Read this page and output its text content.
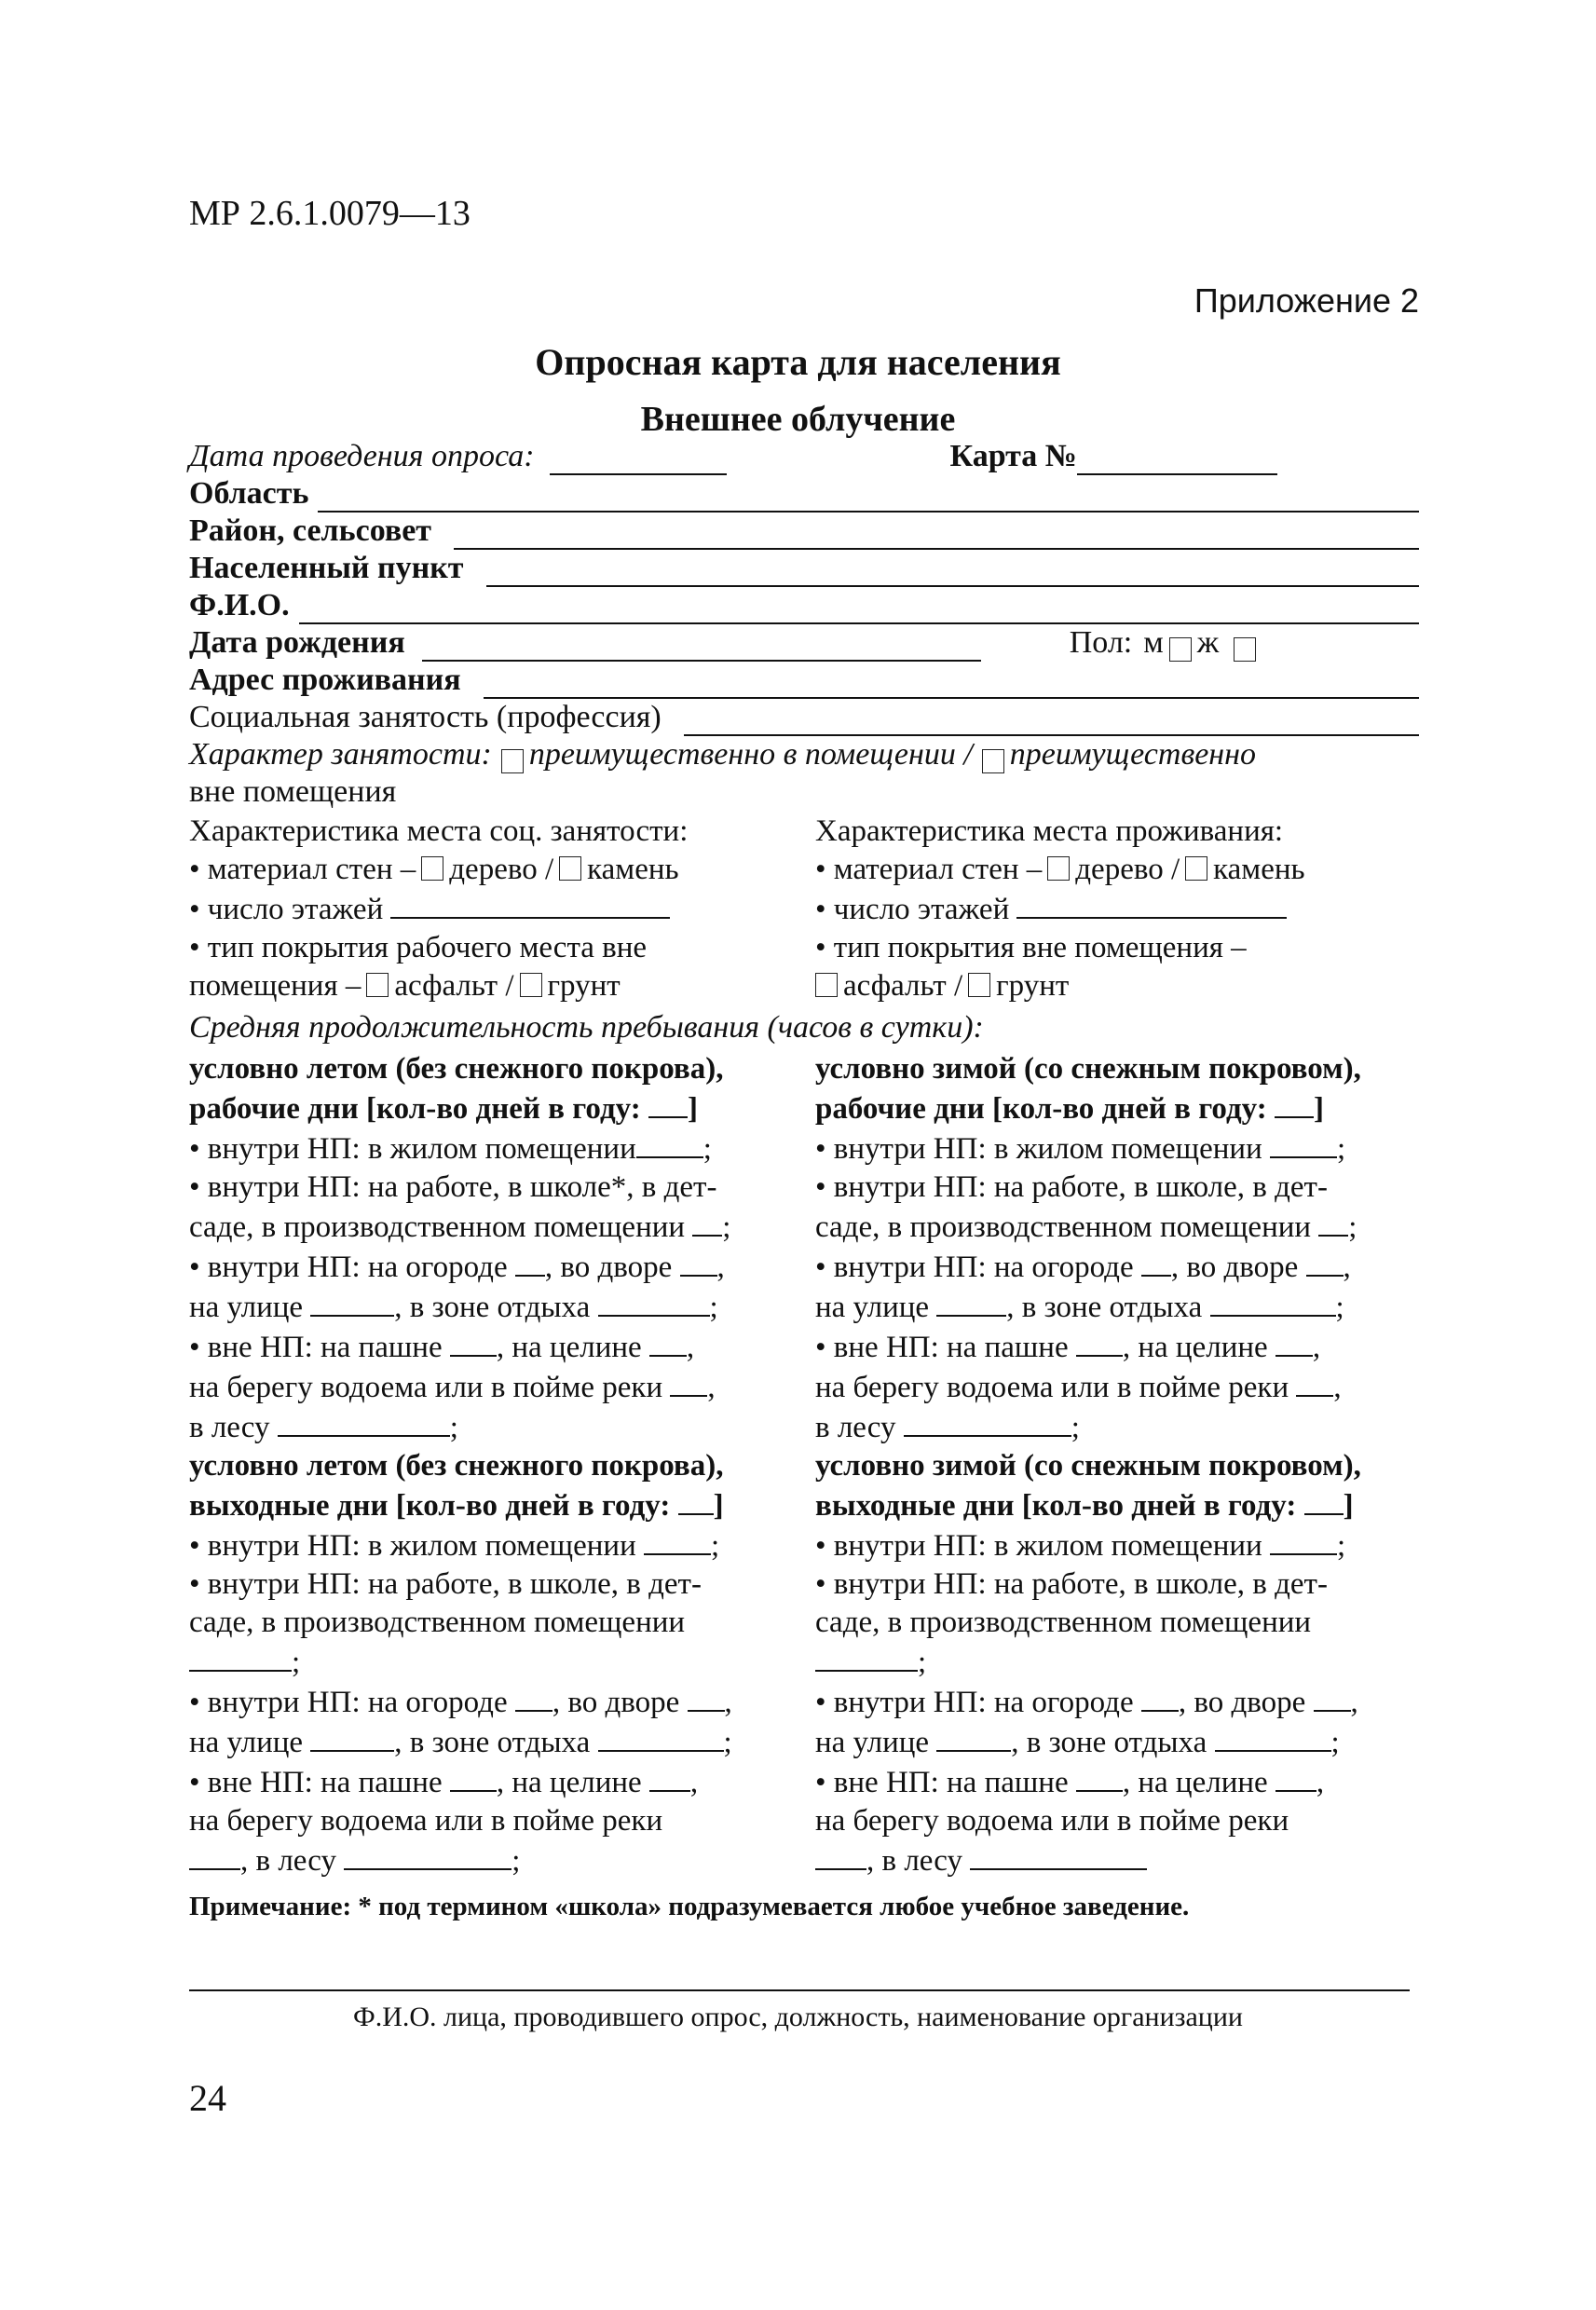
МР 2.6.1.0079—13
Приложение 2
Опросная карта для населения
Внешнее облучение
Дата проведения опроса:	Карта №
Область
Район, сельсовет
Населенный пункт
Ф.И.О.
Дата рождения	Пол: м ж
Адрес проживания
Социальная занятость (профессия)
Характер занятости: преимущественно в помещении / преимущественно
вне помещения
Характеристика места соц. занятости:
• материал стен – дерево / камень
• число этажей
• тип покрытия рабочего места вне
помещения – асфальт / грунт
Характеристика места проживания:
• материал стен – дерево / камень
• число этажей
• тип покрытия вне помещения –
асфальт / грунт
Средняя продолжительность пребывания (часов в сутки):
условно летом (без снежного покрова),
рабочие дни [кол-во дней в году: ]
• внутри НП: в жилом помещении ;
• внутри НП: на работе, в школе*, в дет-
саде, в производственном помещении ;
• внутри НП: на огороде , во дворе ,
на улице	, в зоне отдыха	;
• вне НП: на пашне , на целине ,
на берегу водоема или в пойме реки ,
в лесу	;
условно зимой (со снежным покровом),
рабочие дни [кол-во дней в году: ]
• внутри НП: в жилом помещении ;
• внутри НП: на работе, в школе, в дет-
саде, в производственном помещении ;
• внутри НП: на огороде , во дворе ,
на улице	, в зоне отдыха	;
• вне НП: на пашне , на целине ,
на берегу водоема или в пойме реки ,
в лесу	;
условно летом (без снежного покрова),
выходные дни [кол-во дней в году: ]
• внутри НП: в жилом помещении ;
• внутри НП: на работе, в школе, в дет-
саде, в производственном помещении
;
• внутри НП: на огороде , во дворе ,
на улице	, в зоне отдыха	;
• вне НП: на пашне , на целине ,
на берегу водоема или в пойме реки
, в лесу	;
условно зимой (со снежным покровом),
выходные дни [кол-во дней в году: ]
• внутри НП: в жилом помещении ;
• внутри НП: на работе, в школе, в дет-
саде, в производственном помещении
;
• внутри НП: на огороде , во дворе ,
на улице	, в зоне отдыха	;
• вне НП: на пашне , на целине ,
на берегу водоема или в пойме реки
, в лесу
Примечание: * под термином «школа» подразумевается любое учебное заведение.
Ф.И.О. лица, проводившего опрос, должность, наименование организации
24
